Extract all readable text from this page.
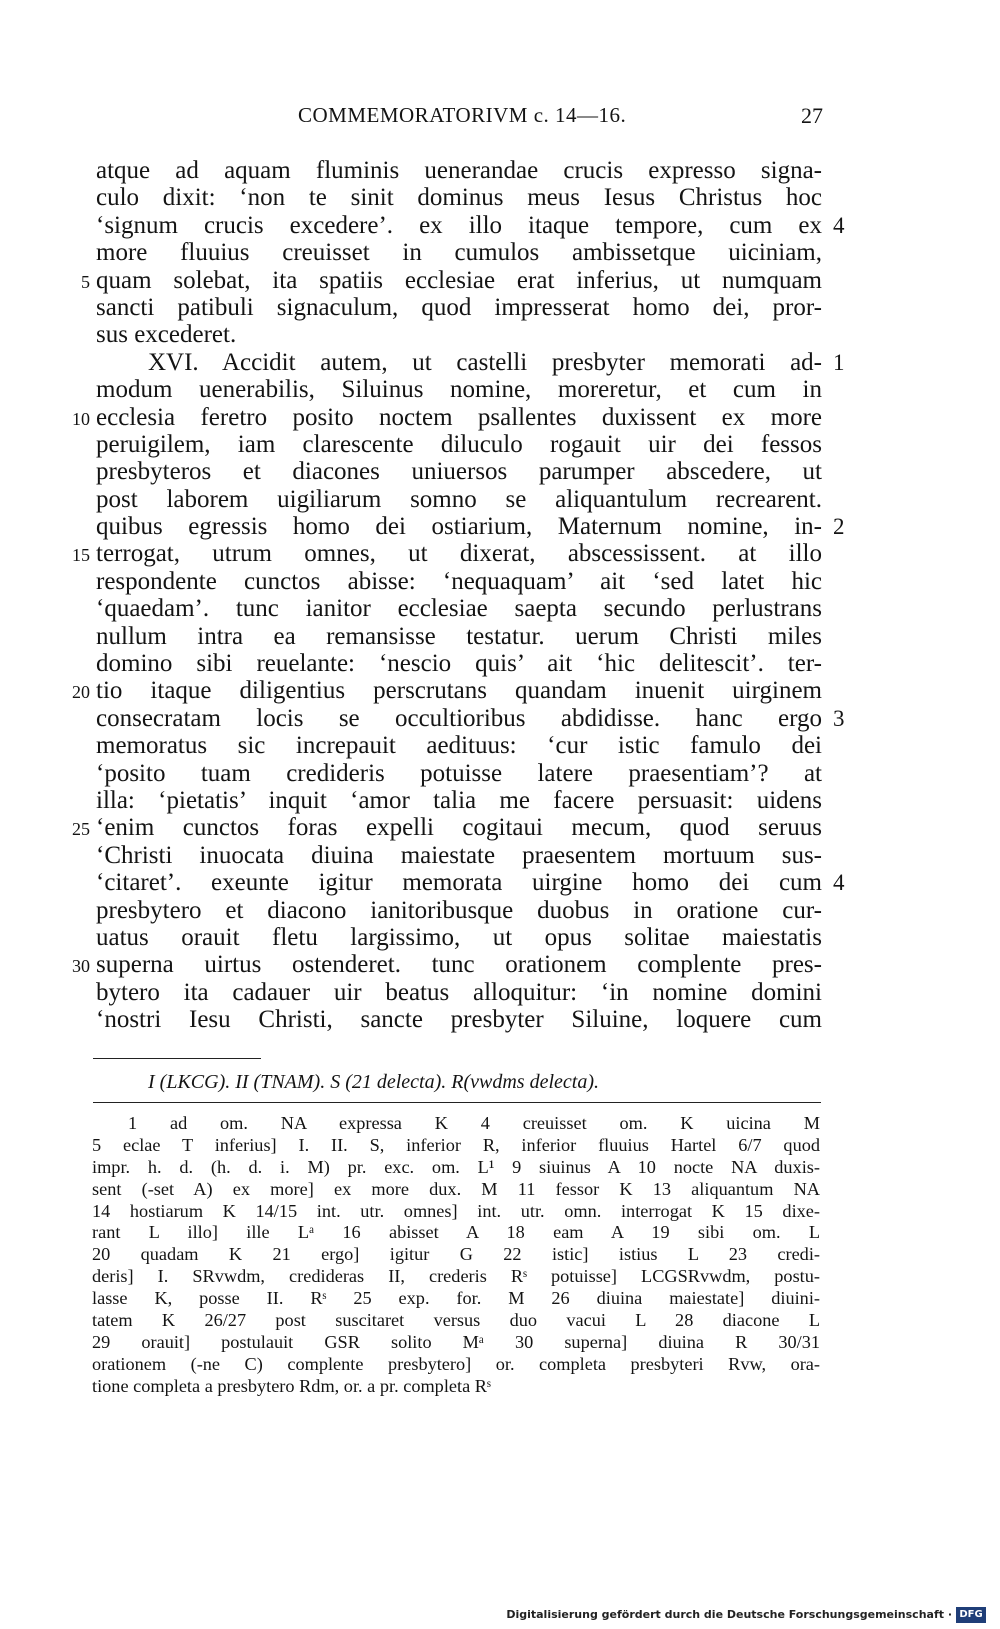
COMMEMORATORIVM c. 14—16.	27
atque ad aquam fluminis uenerandae crucis expresso signa-
culo dixit: ‘non te sinit dominus meus Iesus Christus hoc
‘signum crucis excedere’. ex illo itaque tempore, cum ex 4
more fluuius creuisset in cumulos ambissetque uiciniam,
5 quam solebat, ita spatiis ecclesiae erat inferius, ut numquam
sancti patibuli signaculum, quod impresserat homo dei, pror-
sus excederet.
XVI. Accidit autem, ut castelli presbyter memorati ad- 1
modum uenerabilis, Siluinus nomine, moreretur, et cum in
10 ecclesia feretro posito noctem psallentes duxissent ex more
peruigilem, iam clarescente diluculo rogauit uir dei fessos
presbyteros et diacones uniuersos parumper abscedere, ut
post laborem uigiliarum somno se aliquantulum recrearent.
quibus egressis homo dei ostiarium, Maternum nomine, in- 2
15 terrogat, utrum omnes, ut dixerat, abscessissent. at illo
respondente cunctos abisse: ‘nequaquam’ ait ‘sed latet hic
‘quaedam’. tunc ianitor ecclesiae saepta secundo perlustrans
nullum intra ea remansisse testatur. uerum Christi miles
domino sibi reuelante: ‘nescio quis’ ait ‘hic delitescit’. ter-
20 tio itaque diligentius perscrutans quandam inuenit uirginem
consecratam locis se occultioribus abdidisse. hanc ergo 3
memoratus sic increpauit aedituus: ‘cur istic famulo dei
‘posito tuam credideris potuisse latere praesentiam’? at
illa: ‘pietatis’ inquit ‘amor talia me facere persuasit: uidens
25 ‘enim cunctos foras expelli cogitaui mecum, quod seruus
‘Christi inuocata diuina maiestate praesentem mortuum sus-
‘citaret’. exeunte igitur memorata uirgine homo dei cum 4
presbytero et diacono ianitoribusque duobus in oratione cur-
uatus orauit fletu largissimo, ut opus solitae maiestatis
30 superna uirtus ostenderet. tunc orationem complente pres-
bytero ita cadauer uir beatus alloquitur: ‘in nomine domini
‘nostri Iesu Christi, sancte presbyter Siluine, loquere cum
I (LKCG). II (TNAM). S (21 delecta). R(vwdms delecta).
1 ad om. NA expressa K 4 creuisset om. K uicina M
5 eclae T inferius] I. II. S, inferior R, inferior fluuius Hartel 6/7 quod
impr. h. d. (h. d. i. M) pr. exc. om. L¹ 9 siuinus A 10 nocte NA duxis-
sent (-set A) ex more] ex more dux. M 11 fessor K 13 aliquantum NA
14 hostiarum K 14/15 int. utr. omnes] int. utr. omn. interrogat K 15 dixe-
rant L illo] ille Lᵃ 16 abisset A 18 eam A 19 sibi om. L
20 quadam K 21 ergo] igitur G 22 istic] istius L 23 credi-
deris] I. SRvwdm, credideras II, crederis Rˢ potuisse] LCGSRvwdm, postu-
lasse K, posse II. Rˢ 25 exp. for. M 26 diuina maiestate] diuini-
tatem K 26/27 post suscitaret versus duo vacui L 28 diacone L
29 orauit] postulauit GSR solito Mᵃ 30 superna] diuina R 30/31
orationem (-ne C) complente presbytero] or. completa presbyteri Rvw, ora-
tione completa a presbytero Rdm, or. a pr. completa Rˢ
Digitalisierung gefördert durch die Deutsche Forschungsgemeinschaft · DFG
